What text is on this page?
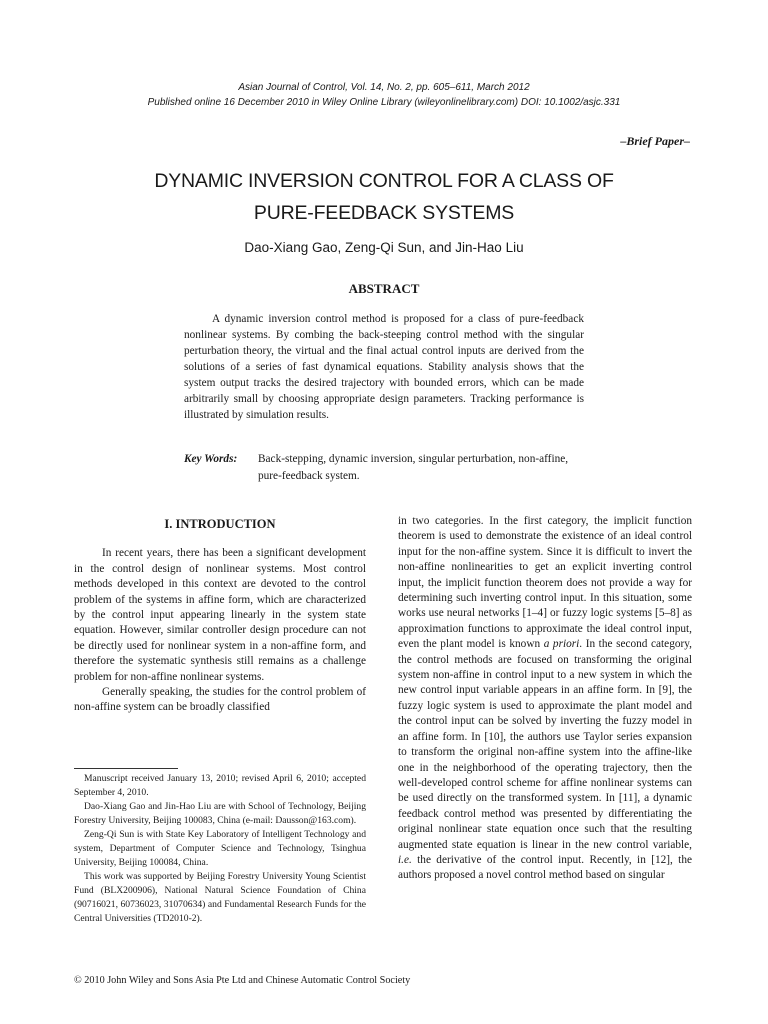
Asian Journal of Control, Vol. 14, No. 2, pp. 605–611, March 2012
Published online 16 December 2010 in Wiley Online Library (wileyonlinelibrary.com) DOI: 10.1002/asjc.331
–Brief Paper–
DYNAMIC INVERSION CONTROL FOR A CLASS OF
PURE-FEEDBACK SYSTEMS
Dao-Xiang Gao, Zeng-Qi Sun, and Jin-Hao Liu
ABSTRACT

A dynamic inversion control method is proposed for a class of pure-feedback nonlinear systems. By combing the back-steeping control method with the singular perturbation theory, the virtual and the final actual control inputs are derived from the solutions of a series of fast dynamical equations. Stability analysis shows that the system output tracks the desired trajectory with bounded errors, which can be made arbitrarily small by choosing appropriate design parameters. Tracking performance is illustrated by simulation results.

Key Words:	Back-stepping, dynamic inversion, singular perturbation, non-affine, pure-feedback system.
I. INTRODUCTION

In recent years, there has been a significant development in the control design of nonlinear systems. Most control methods developed in this context are devoted to the control problem of the systems in affine form, which are characterized by the control input appearing linearly in the system state equation. However, similar controller design procedure can not be directly used for nonlinear system in a non-affine form, and therefore the systematic synthesis still remains as a challenge problem for non-affine nonlinear systems.

Generally speaking, the studies for the control problem of non-affine system can be broadly classified

Manuscript received January 13, 2010; revised April 6, 2010; accepted September 4, 2010.

Dao-Xiang Gao and Jin-Hao Liu are with School of Technology, Beijing Forestry University, Beijing 100083, China (e-mail: Dausson@163.com).

Zeng-Qi Sun is with State Key Laboratory of Intelligent Technology and system, Department of Computer Science and Technology, Tsinghua University, Beijing 100084, China.

This work was supported by Beijing Forestry University Young Scientist Fund (BLX200906), National Natural Science Foundation of China (90716021, 60736023, 31070634) and Fundamental Research Funds for the Central Universities (TD2010-2).

in two categories. In the first category, the implicit function theorem is used to demonstrate the existence of an ideal control input for the non-affine system. Since it is difficult to invert the non-affine nonlinearities to get an explicit inverting control input, the implicit function theorem does not provide a way for determining such inverting control input. In this situation, some works use neural networks [1–4] or fuzzy logic systems [5–8] as approximation functions to approximate the ideal control input, even the plant model is known a priori. In the second category, the control methods are focused on transforming the original system non-affine in control input to a new system in which the new control input variable appears in an affine form. In [9], the fuzzy logic system is used to approximate the plant model and the control input can be solved by inverting the fuzzy model in an affine form. In [10], the authors use Taylor series expansion to transform the original non-affine system into the affine-like one in the neighborhood of the operating trajectory, then the well-developed control scheme for affine nonlinear systems can be used directly on the transformed system. In [11], a dynamic feedback control method was presented by differentiating the original nonlinear state equation once such that the resulting augmented state equation is linear in the new control variable, i.e. the derivative of the control input. Recently, in [12], the authors proposed a novel control method based on singular

© 2010 John Wiley and Sons Asia Pte Ltd and Chinese Automatic Control Society
